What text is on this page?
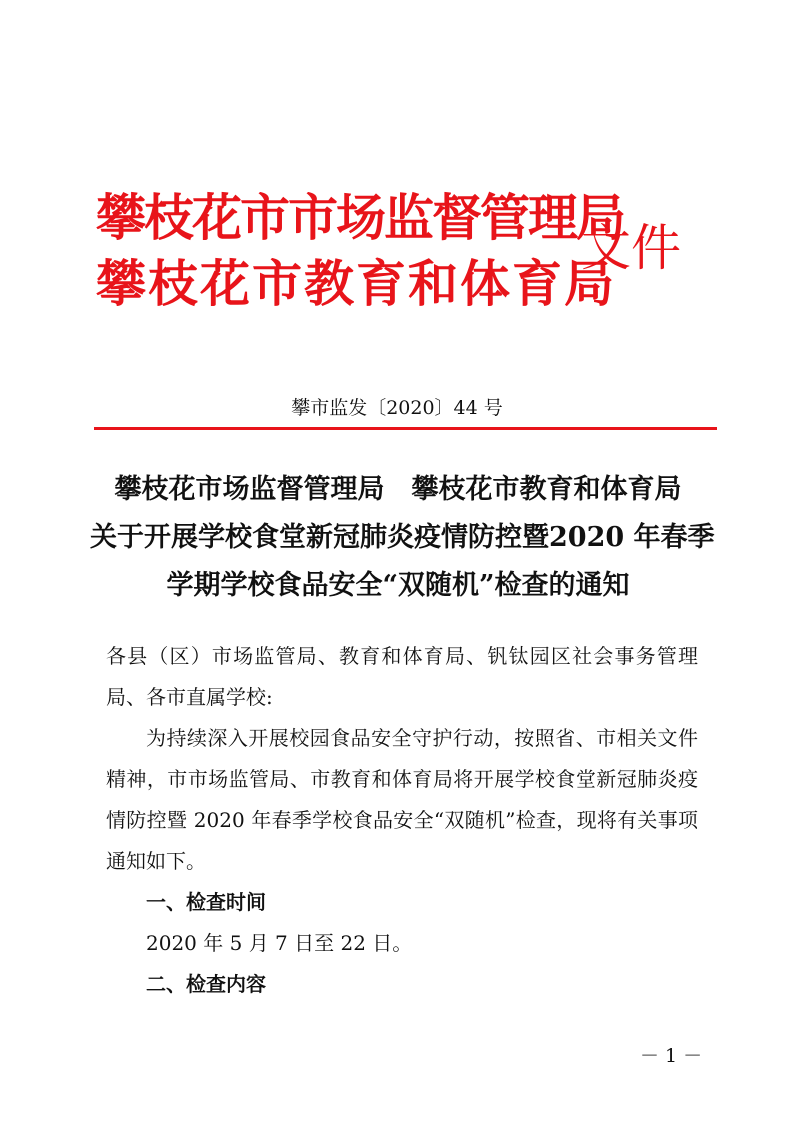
攀枝花市市场监督管理局
攀枝花市教育和体育局
文件
攀市监发〔2020〕44 号
攀枝花市场监督管理局　攀枝花市教育和体育局
关于开展学校食堂新冠肺炎疫情防控暨2020 年春季
学期学校食品安全“双随机”检查的通知

各县（区）市场监管局、教育和体育局、钒钛园区社会事务管理局、各市直属学校:

为持续深入开展校园食品安全守护行动，按照省、市相关文件精神，市市场监管局、市教育和体育局将开展学校食堂新冠肺炎疫情防控暨 2020 年春季学校食品安全“双随机”检查，现将有关事项通知如下。

一、检查时间

2020 年 5 月 7 日至 22 日。

二、检查内容

－ 1 －
